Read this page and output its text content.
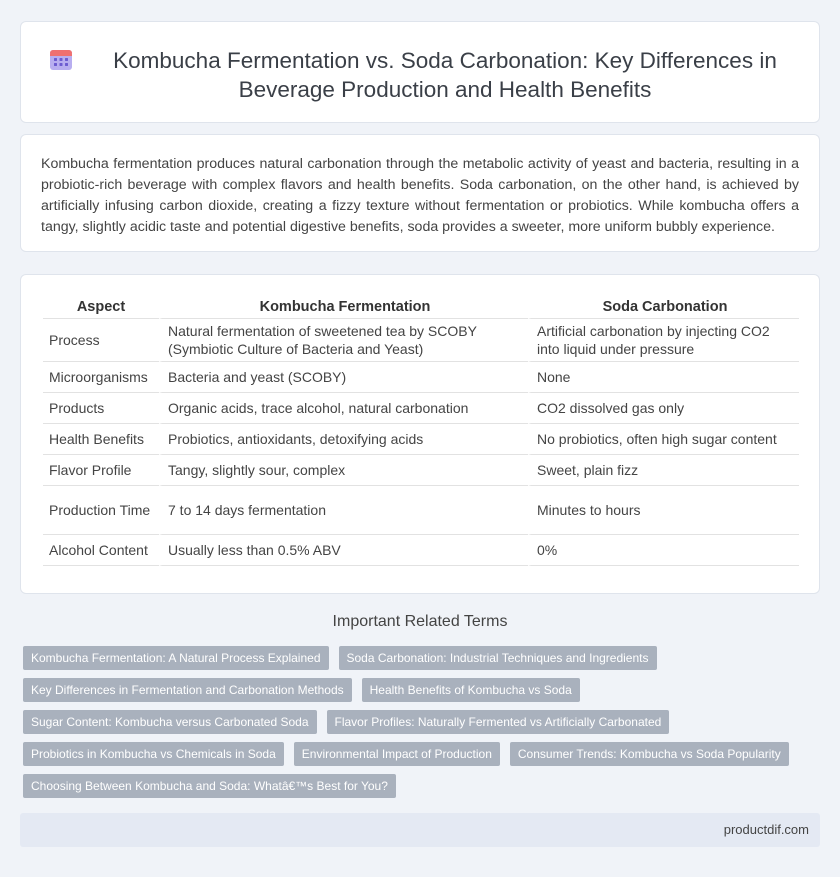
Kombucha Fermentation vs. Soda Carbonation: Key Differences in Beverage Production and Health Benefits

Kombucha fermentation produces natural carbonation through the metabolic activity of yeast and bacteria, resulting in a probiotic-rich beverage with complex flavors and health benefits. Soda carbonation, on the other hand, is achieved by artificially infusing carbon dioxide, creating a fizzy texture without fermentation or probiotics. While kombucha offers a tangy, slightly acidic taste and potential digestive benefits, soda provides a sweeter, more uniform bubbly experience.

Aspect	Kombucha Fermentation	Soda Carbonation
Process	Natural fermentation of sweetened tea by SCOBY (Symbiotic Culture of Bacteria and Yeast)	Artificial carbonation by injecting CO2 into liquid under pressure
Microorganisms	Bacteria and yeast (SCOBY)	None
Products	Organic acids, trace alcohol, natural carbonation	CO2 dissolved gas only
Health Benefits	Probiotics, antioxidants, detoxifying acids	No probiotics, often high sugar content
Flavor Profile	Tangy, slightly sour, complex	Sweet, plain fizz
Production Time	7 to 14 days fermentation	Minutes to hours
Alcohol Content	Usually less than 0.5% ABV	0%
Important Related Terms
Kombucha Fermentation: A Natural Process Explained	Soda Carbonation: Industrial Techniques and Ingredients
Key Differences in Fermentation and Carbonation Methods	Health Benefits of Kombucha vs Soda
Sugar Content: Kombucha versus Carbonated Soda	Flavor Profiles: Naturally Fermented vs Artificially Carbonated
Probiotics in Kombucha vs Chemicals in Soda	Environmental Impact of Production	Consumer Trends: Kombucha vs Soda Popularity
Choosing Between Kombucha and Soda: Whatâ€™s Best for You?
productdif.com
